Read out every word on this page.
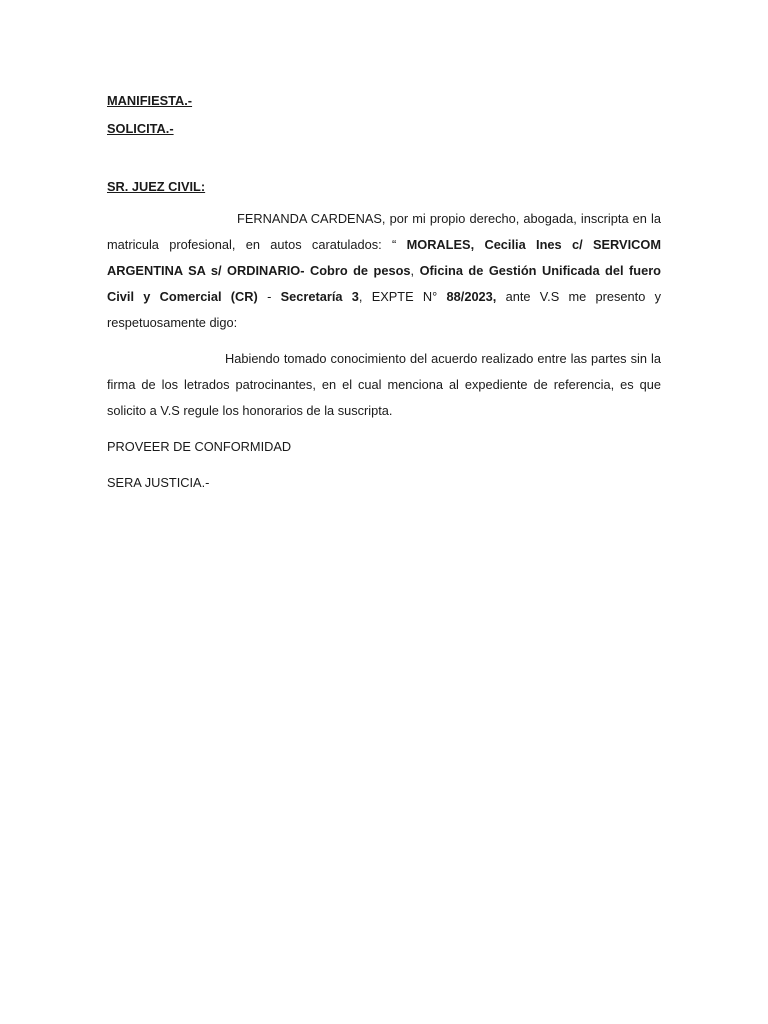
MANIFIESTA.-

SOLICITA.-

SR. JUEZ CIVIL:

FERNANDA CARDENAS, por mi propio derecho, abogada, inscripta en la matricula profesional, en autos caratulados: “ MORALES, Cecilia Ines c/ SERVICOM ARGENTINA SA s/ ORDINARIO- Cobro de pesos, Oficina de Gestión Unificada del fuero Civil y Comercial (CR) - Secretaría 3, EXPTE N° 88/2023, ante V.S me presento y respetuosamente digo:

Habiendo tomado conocimiento del acuerdo realizado entre las partes sin la firma de los letrados patrocinantes, en el cual menciona al expediente de referencia, es que solicito a V.S regule los honorarios de la suscripta.

PROVEER DE CONFORMIDAD

SERA JUSTICIA.-
